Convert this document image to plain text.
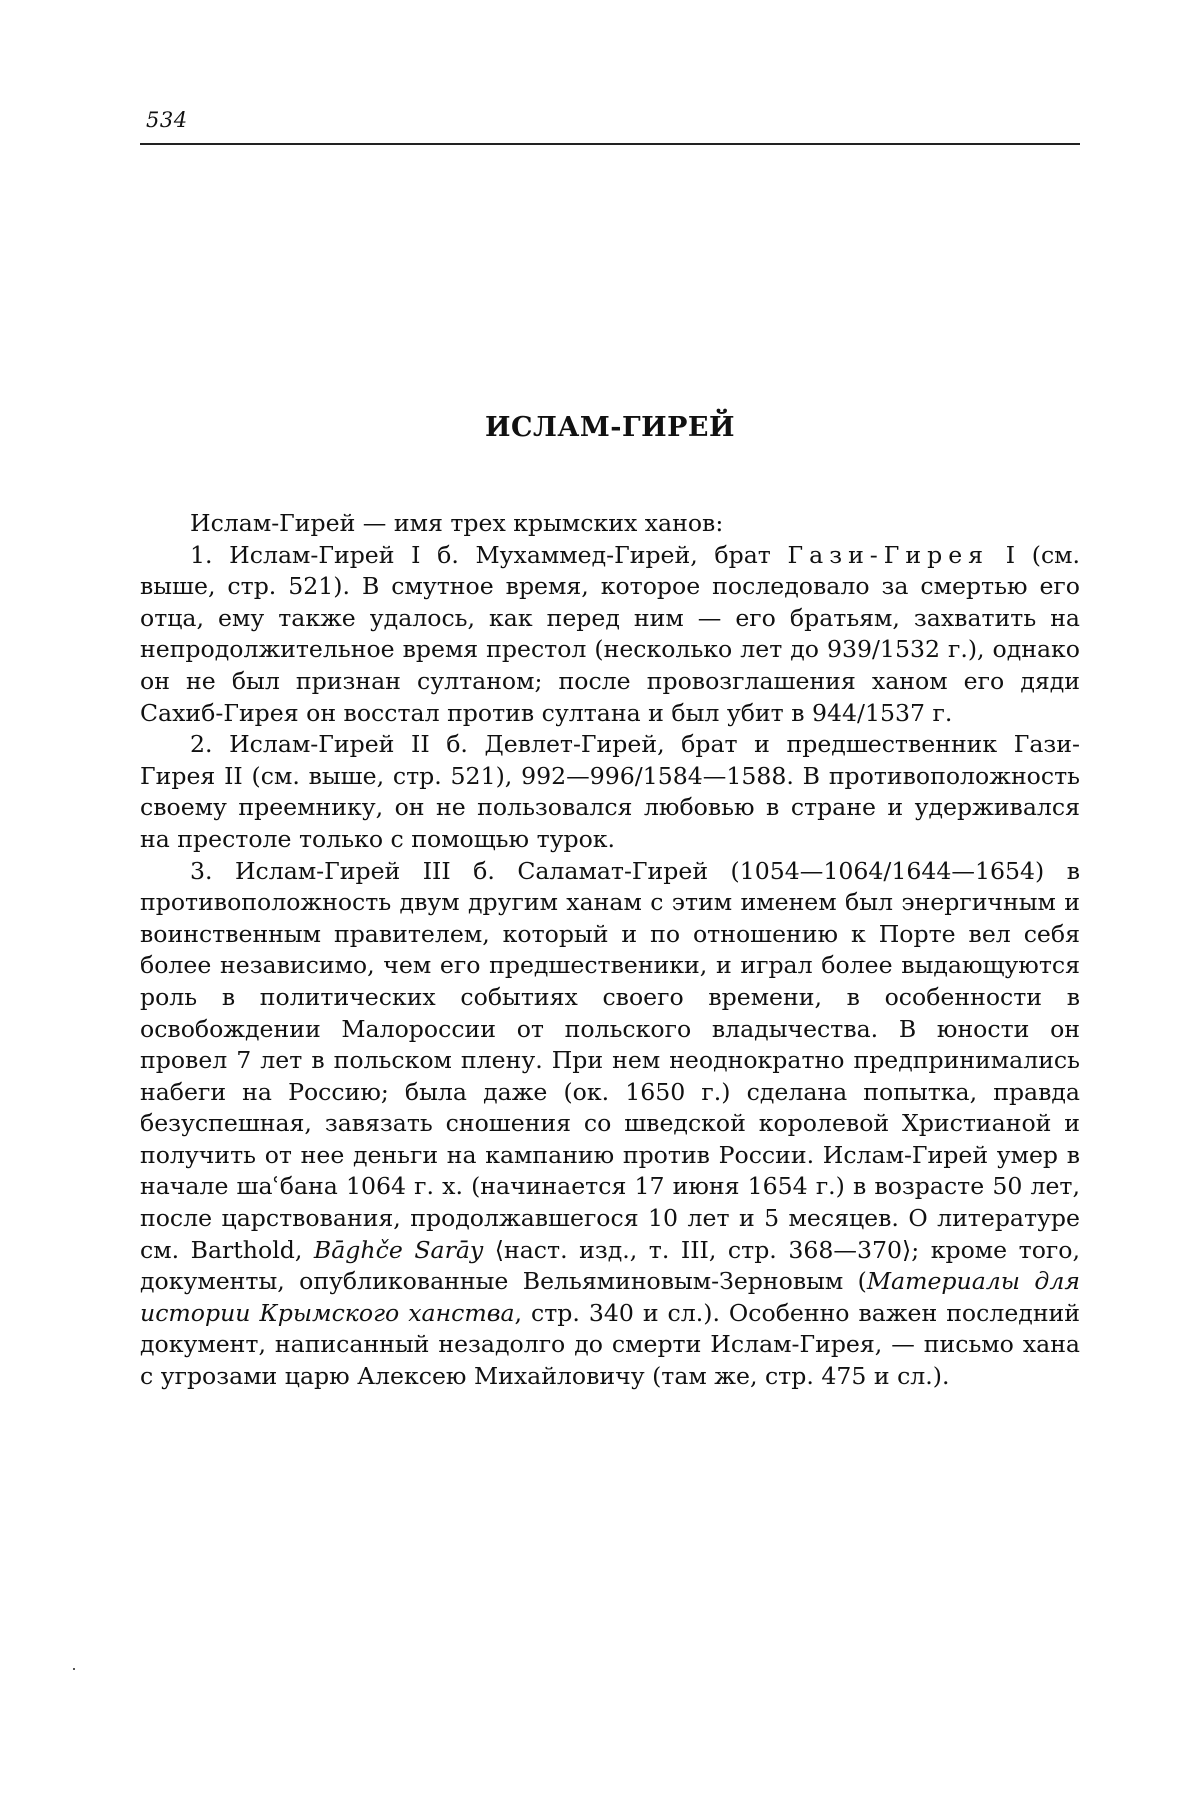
534
ИСЛАМ-ГИРЕЙ

Ислам-Гирей — имя трех крымских ханов:

1. Ислам-Гирей I б. Мухаммед-Гирей, брат Гази-Гирея I (см. выше, стр. 521). В смутное время, которое последовало за смертью его отца, ему также удалось, как перед ним — его братьям, захватить на непродолжительное время престол (несколько лет до 939/1532 г.), однако он не был признан султаном; после провозглашения ханом его дяди Сахиб-Гирея он восстал против султана и был убит в 944/1537 г.

2. Ислам-Гирей II б. Девлет-Гирей, брат и предшественник Гази-Гирея II (см. выше, стр. 521), 992—996/1584—1588. В противоположность своему преемнику, он не пользовался любовью в стране и удерживался на престоле только с помощью турок.

3. Ислам-Гирей III б. Саламат-Гирей (1054—1064/1644—1654) в противоположность двум другим ханам с этим именем был энергичным и воинственным правителем, который и по отношению к Порте вел себя более независимо, чем его предшественики, и играл более выдающуются роль в политических событиях своего времени, в особенности в освобождении Малороссии от польского владычества. В юности он провел 7 лет в польском плену. При нем неоднократно предпринимались набеги на Россию; была даже (ок. 1650 г.) сделана попытка, правда безуспешная, завязать сношения со шведской королевой Христианой и получить от нее деньги на кампанию против России. Ислам-Гирей умер в начале шаʿбана 1064 г. х. (начинается 17 июня 1654 г.) в возрасте 50 лет, после царствования, продолжавшегося 10 лет и 5 месяцев. О литературе см. Barthold, Bāghče Sarāy ⟨наст. изд., т. III, стр. 368—370⟩; кроме того, документы, опубликованные Вельяминовым-Зерновым (Материалы для истории Крымского ханства, стр. 340 и сл.). Особенно важен последний документ, написанный незадолго до смерти Ислам-Гирея, — письмо хана с угрозами царю Алексею Михайловичу (там же, стр. 475 и сл.).
